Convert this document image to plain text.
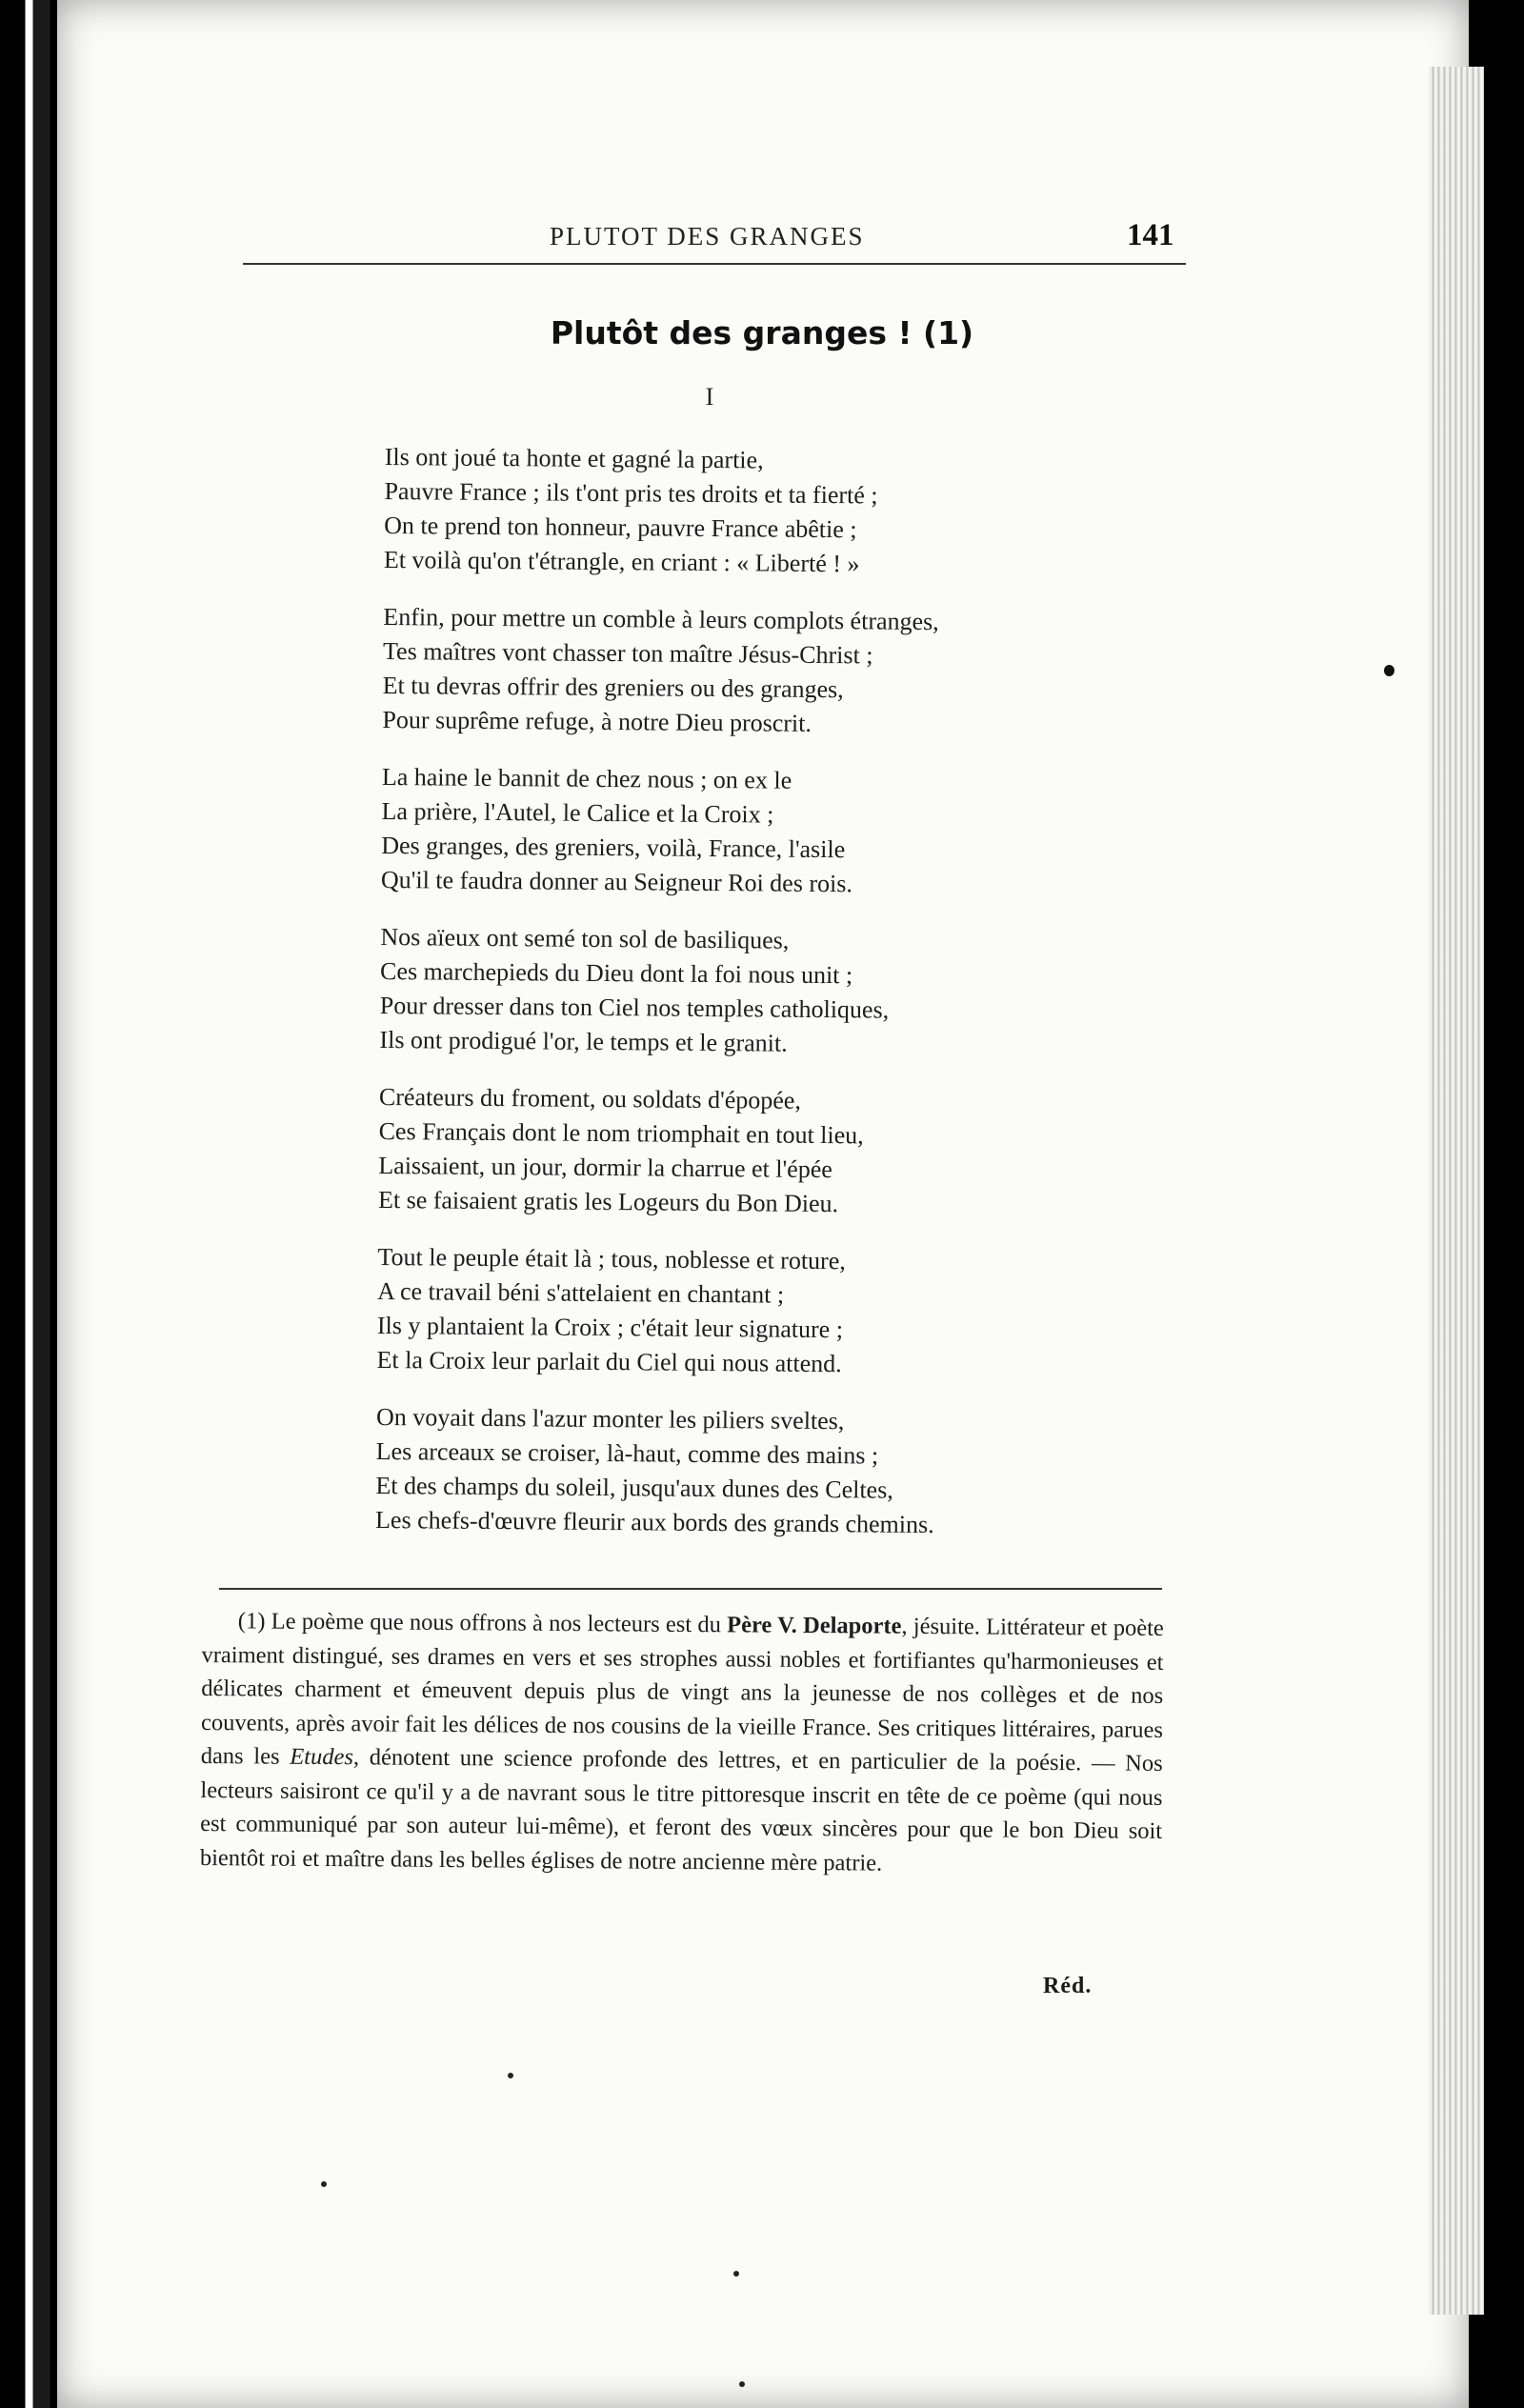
PLUTOT DES GRANGES	141
Plutôt des granges ! (1)
I
Ils ont joué ta honte et gagné la partie,
Pauvre France ; ils t'ont pris tes droits et ta fierté ;
On te prend ton honneur, pauvre France abêtie ;
Et voilà qu'on t'étrangle, en criant : « Liberté ! »
Enfin, pour mettre un comble à leurs complots étranges,
Tes maîtres vont chasser ton maître Jésus-Christ ;
Et tu devras offrir des greniers ou des granges,
Pour suprême refuge, à notre Dieu proscrit.
La haine le bannit de chez nous ; on ex le
La prière, l'Autel, le Calice et la Croix ;
Des granges, des greniers, voilà, France, l'asile
Qu'il te faudra donner au Seigneur Roi des rois.
Nos aïeux ont semé ton sol de basiliques,
Ces marchepieds du Dieu dont la foi nous unit ;
Pour dresser dans ton Ciel nos temples catholiques,
Ils ont prodigué l'or, le temps et le granit.
Créateurs du froment, ou soldats d'épopée,
Ces Français dont le nom triomphait en tout lieu,
Laissaient, un jour, dormir la charrue et l'épée
Et se faisaient gratis les Logeurs du Bon Dieu.
Tout le peuple était là ; tous, noblesse et roture,
A ce travail béni s'attelaient en chantant ;
Ils y plantaient la Croix ; c'était leur signature ;
Et la Croix leur parlait du Ciel qui nous attend.
On voyait dans l'azur monter les piliers sveltes,
Les arceaux se croiser, là-haut, comme des mains ;
Et des champs du soleil, jusqu'aux dunes des Celtes,
Les chefs-d'œuvre fleurir aux bords des grands chemins.
(1) Le poème que nous offrons à nos lecteurs est du Père V. Delaporte, jésuite. Littérateur et poète vraiment distingué, ses drames en vers et ses strophes aussi nobles et fortifiantes qu'harmonieuses et délicates charment et émeuvent depuis plus de vingt ans la jeunesse de nos collèges et de nos couvents, après avoir fait les délices de nos cousins de la vieille France. Ses critiques littéraires, parues dans les Etudes, dénotent une science profonde des lettres, et en particulier de la poésie. — Nos lecteurs saisiront ce qu'il y a de navrant sous le titre pittoresque inscrit en tête de ce poème (qui nous est communiqué par son auteur lui-même), et feront des vœux sincères pour que le bon Dieu soit bientôt roi et maître dans les belles églises de notre ancienne mère patrie.
Réd.
